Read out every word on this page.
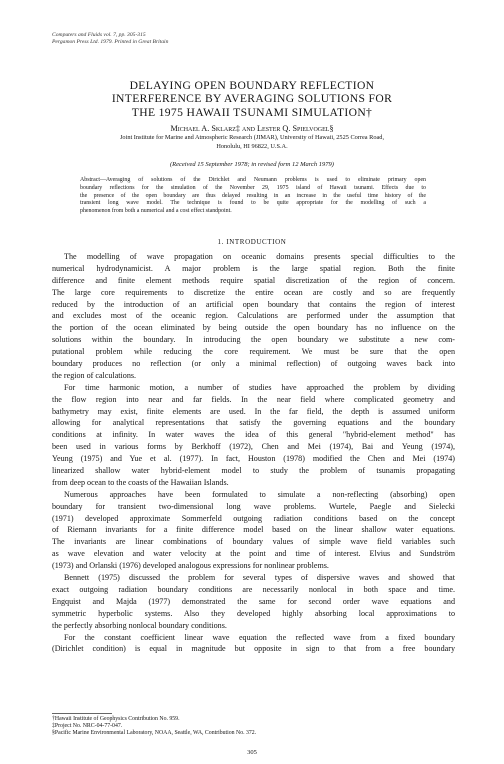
Computers and Fluids vol. 7, pp. 305-315
Pergamon Press Ltd. 1979. Printed in Great Britain
DELAYING OPEN BOUNDARY REFLECTION
INTERFERENCE BY AVERAGING SOLUTIONS FOR
THE 1975 HAWAII TSUNAMI SIMULATION†
Michael A. Sklarz‡ and Lester Q. Spielvogel§
Joint Institute for Marine and Atmospheric Research (JIMAR), University of Hawaii, 2525 Correa Road,
Honolulu, HI 96822, U.S.A.
(Received 15 September 1978; in revised form 12 March 1979)
Abstract—Averaging of solutions of the Dirichlet and Neumann problems is used to eliminate primary open
boundary reflections for the simulation of the November 29, 1975 island of Hawaii tsunami. Effects due to
the presence of the open boundary are thus delayed resulting in an increase in the useful time history of the
transient long wave model. The technique is found to be quite appropriate for the modelling of such a
phenomenon from both a numerical and a cost effect standpoint.
1. INTRODUCTION
The modelling of wave propagation on oceanic domains presents special difficulties to the
numerical hydrodynamicist. A major problem is the large spatial region. Both the finite
difference and finite element methods require spatial discretization of the region of concern.
The large core requirements to discretize the entire ocean are costly and so are frequently
reduced by the introduction of an artificial open boundary that contains the region of interest
and excludes most of the oceanic region. Calculations are performed under the assumption that
the portion of the ocean eliminated by being outside the open boundary has no influence on the
solutions within the boundary. In introducing the open boundary we substitute a new com-
putational problem while reducing the core requirement. We must be sure that the open
boundary produces no reflection (or only a minimal reflection) of outgoing waves back into
the region of calculations.
For time harmonic motion, a number of studies have approached the problem by dividing
the flow region into near and far fields. In the near field where complicated geometry and
bathymetry may exist, finite elements are used. In the far field, the depth is assumed uniform
allowing for analytical representations that satisfy the governing equations and the boundary
conditions at infinity. In water waves the idea of this general "hybrid-element method" has
been used in various forms by Berkhoff (1972), Chen and Mei (1974), Bai and Yeung (1974),
Yeung (1975) and Yue et al. (1977). In fact, Houston (1978) modified the Chen and Mei (1974)
linearized shallow water hybrid-element model to study the problem of tsunamis propagating
from deep ocean to the coasts of the Hawaiian Islands.
Numerous approaches have been formulated to simulate a non-reflecting (absorbing) open
boundary for transient two-dimensional long wave problems. Wurtele, Paegle and Sielecki
(1971) developed approximate Sommerfeld outgoing radiation conditions based on the concept
of Riemann invariants for a finite difference model based on the linear shallow water equations.
The invariants are linear combinations of boundary values of simple wave field variables such
as wave elevation and water velocity at the point and time of interest. Elvius and Sundström
(1973) and Orlanski (1976) developed analogous expressions for nonlinear problems.
Bennett (1975) discussed the problem for several types of dispersive waves and showed that
exact outgoing radiation boundary conditions are necessarily nonlocal in both space and time.
Engquist and Majda (1977) demonstrated the same for second order wave equations and
symmetric hyperbolic systems. Also they developed highly absorbing local approximations to
the perfectly absorbing nonlocal boundary conditions.
For the constant coefficient linear wave equation the reflected wave from a fixed boundary
(Dirichlet condition) is equal in magnitude but opposite in sign to that from a free boundary
†Hawaii Institute of Geophysics Contribution No. 959.
‡Project No. NRC-04-77-047.
§Pacific Marine Environmental Laboratory, NOAA, Seattle, WA, Contribution No. 372.
305
